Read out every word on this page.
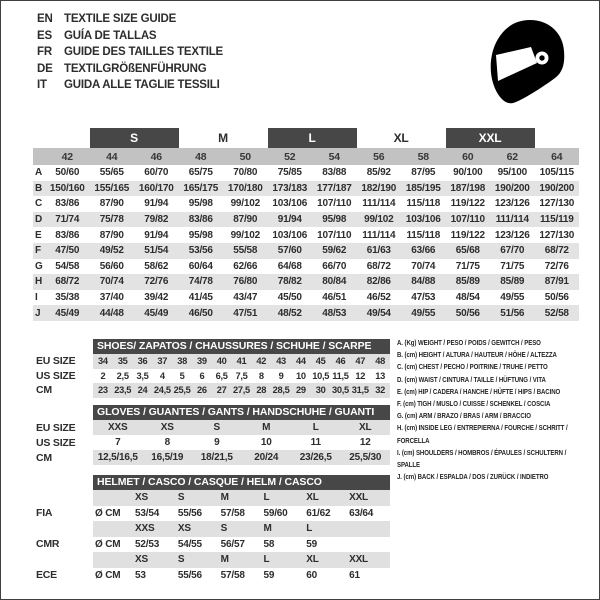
EN TEXTILE SIZE GUIDE
ES	GUÍA DE TALLAS
FR	GUIDE DES TAILLES TEXTILE
DE TEXTILGRÖßENFÜHRUNG
IT	GUIDA ALLE TAGLIE TESSILI
		S		M		L		XL		XXL		
	42	44	46	48	50	52	54	56	58	60	62	64
A	50/60	55/65	60/70	65/75	70/80	75/85	83/88	85/92	87/95	90/100	95/100	105/115
B	150/160	155/165	160/170	165/175	170/180	173/183	177/187	182/190	185/195	187/198	190/200	190/200
C	83/86	87/90	91/94	95/98	99/102	103/106	107/110	111/114	115/118	119/122	123/126	127/130
D	71/74	75/78	79/82	83/86	87/90	91/94	95/98	99/102	103/106	107/110	111/114	115/119
E	83/86	87/90	91/94	95/98	99/102	103/106	107/110	111/114	115/118	119/122	123/126	127/130
F	47/50	49/52	51/54	53/56	55/58	57/60	59/62	61/63	63/66	65/68	67/70	68/72
G	54/58	56/60	58/62	60/64	62/66	64/68	66/70	68/72	70/74	71/75	71/75	72/76
H	68/72	70/74	72/76	74/78	76/80	78/82	80/84	82/86	84/88	85/89	85/89	87/91
I	35/38	37/40	39/42	41/45	43/47	45/50	46/51	46/52	47/53	48/54	49/55	50/56
J	45/49	44/48	45/49	46/50	47/51	48/52	48/53	49/54	49/55	50/56	51/56	52/58
SHOES/ ZAPATOS / CHAUSSURES / SCHUHE / SCARPE
EU SIZE	34	35	36	37	38	39	40	41	42	43	44	45	46	47	48
US SIZE	2	2,5	3,5	4	5	6	6,5	7,5	8	9	10	10,5	11,5	12	13
CM	23	23,5	24	24,5	25,5	26	27	27,5	28	28,5	29	30	30,5	31,5	32
GLOVES / GUANTES / GANTS / HANDSCHUHE / GUANTI
EU SIZE	XXS	XS	S	M	L	XL
US SIZE	7	8	9	10	11	12
CM	12,5/16,5	16,5/19	18/21,5	20/24	23/26,5	25,5/30
HELMET / CASCO / CASQUE / HELM / CASCO
		XS	S	M	L	XL	XXL
FIA	Ø CM	53/54	55/56	57/58	59/60	61/62	63/64
		XXS	XS	S	M	L	
CMR	Ø CM	52/53	54/55	56/57	58	59	
		XS	S	M	L	XL	XXL
ECE	Ø CM	53	55/56	57/58	59	60	61
A. (Kg) WEIGHT / PESO / POIDS / GEWITCH / PESO
B. (cm) HEIGHT / ALTURA / HAUTEUR / HÖHE / ALTEZZA
C. (cm) CHEST / PECHO / POITRINE / TRUHE / PETTO
D. (cm) WAIST / CINTURA / TAILLE / HÜFTUNG / VITA
E. (cm) HIP / CADERA / HANCHE / HÜFTE / HIPS / BACINO
F. (cm) TIGH / MUSLO / CUISSE / SCHENKEL / COSCIA
G. (cm) ARM / BRAZO / BRAS / ARM / BRACCIO
H. (cm) INSIDE LEG / ENTREPIERNA / FOURCHE / SCHRITT / FORCELLA
I. (cm) SHOULDERS / HOMBROS / ÉPAULES / SCHULTERN / SPALLE
J. (cm) BACK / ESPALDA / DOS / ZURÜCK / INDIETRO
